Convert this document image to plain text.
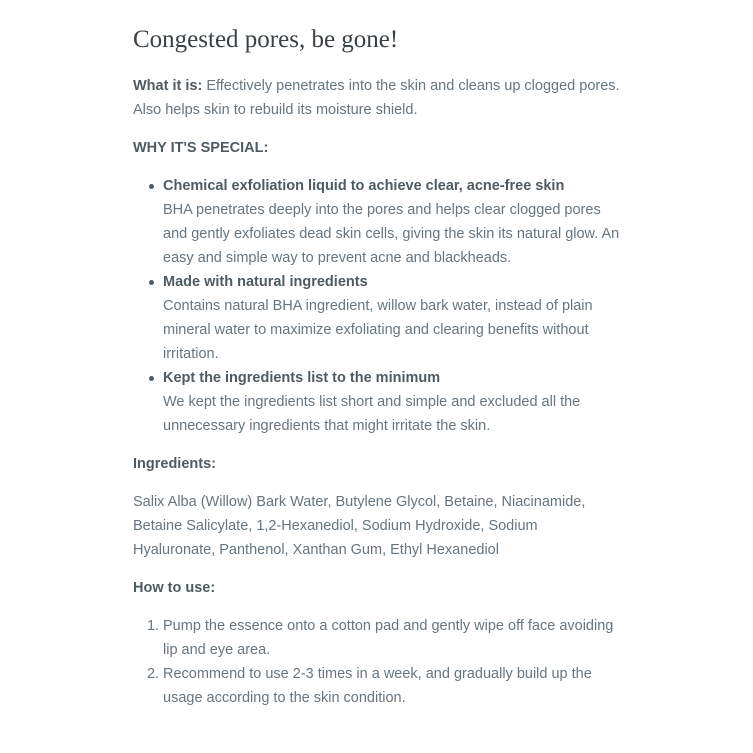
Congested pores, be gone!

What it is: Effectively penetrates into the skin and cleans up clogged pores. Also helps skin to rebuild its moisture shield.

WHY IT'S SPECIAL:

Chemical exfoliation liquid to achieve clear, acne-free skin
BHA penetrates deeply into the pores and helps clear clogged pores and gently exfoliates dead skin cells, giving the skin its natural glow. An easy and simple way to prevent acne and blackheads.
Made with natural ingredients
Contains natural BHA ingredient, willow bark water, instead of plain mineral water to maximize exfoliating and clearing benefits without irritation.
Kept the ingredients list to the minimum
We kept the ingredients list short and simple and excluded all the unnecessary ingredients that might irritate the skin.

Ingredients:

Salix Alba (Willow) Bark Water, Butylene Glycol, Betaine, Niacinamide, Betaine Salicylate, 1,2-Hexanediol, Sodium Hydroxide, Sodium Hyaluronate, Panthenol, Xanthan Gum, Ethyl Hexanediol

How to use:

1. Pump the essence onto a cotton pad and gently wipe off face avoiding lip and eye area.
2. Recommend to use 2-3 times in a week, and gradually build up the usage according to the skin condition.
